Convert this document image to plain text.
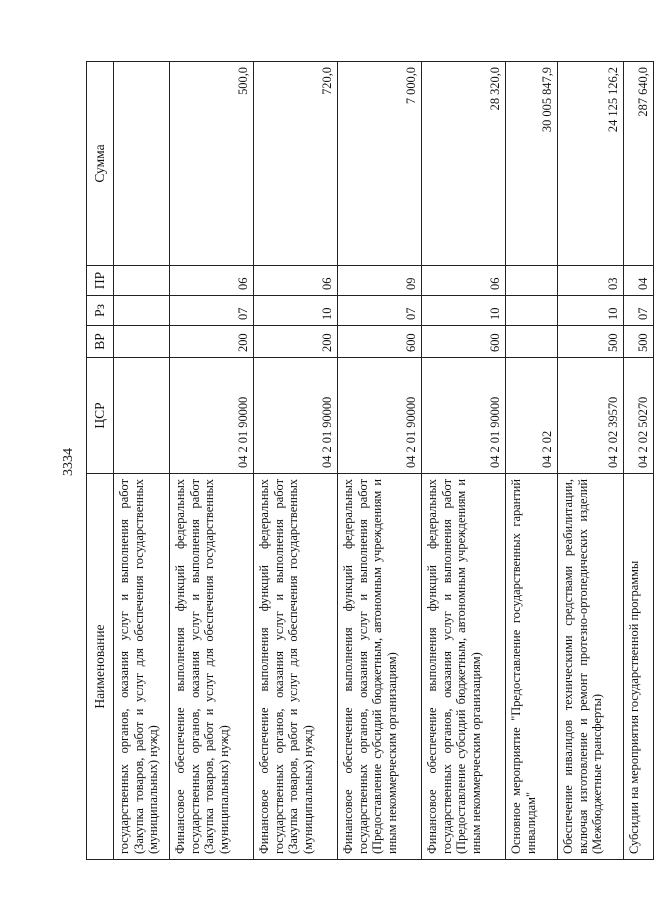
3334
Наименование	ЦСР	ВР	Рз	ПР	Сумма
государственных органов, оказания услуг и выполнения работ (Закупка товаров, работ и услуг для обеспечения государственных (муниципальных) нужд)					
Финансовое обеспечение выполнения функций федеральных государственных органов, оказания услуг и выполнения работ (Закупка товаров, работ и услуг для обеспечения государственных (муниципальных) нужд)	04 2 01 90000	200	07	06	500,0
Финансовое обеспечение выполнения функций федеральных государственных органов, оказания услуг и выполнения работ (Закупка товаров, работ и услуг для обеспечения государственных (муниципальных) нужд)	04 2 01 90000	200	10	06	720,0
Финансовое обеспечение выполнения функций федеральных государственных органов, оказания услуг и выполнения работ (Предоставление субсидий бюджетным, автономным учреждениям и иным некоммерческим организациям)	04 2 01 90000	600	07	09	7 000,0
Финансовое обеспечение выполнения функций федеральных государственных органов, оказания услуг и выполнения работ (Предоставление субсидий бюджетным, автономным учреждениям и иным некоммерческим организациям)	04 2 01 90000	600	10	06	28 320,0
Основное мероприятие "Предоставление государственных гарантий инвалидам"	04 2 02				30 005 847,9
Обеспечение инвалидов техническими средствами реабилитации, включая изготовление и ремонт протезно-ортопедических изделий (Межбюджетные трансферты)	04 2 02 39570	500	10	03	24 125 126,2
Субсидии на мероприятия государственной программы	04 2 02 50270	500	07	04	287 640,0
